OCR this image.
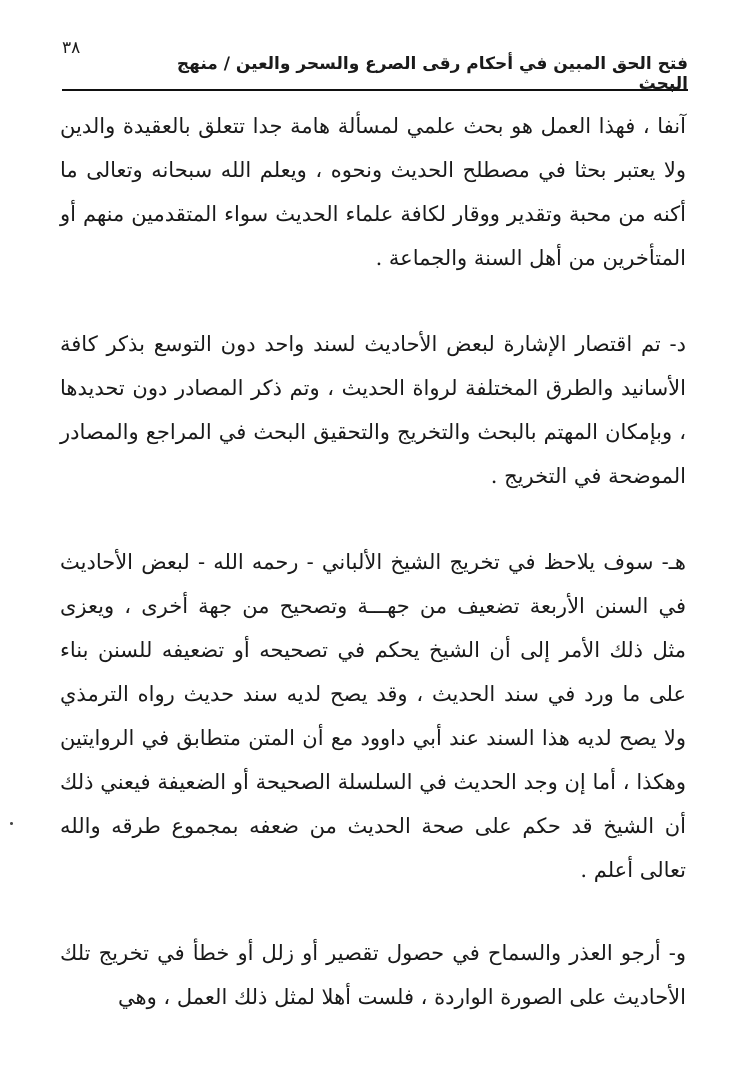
٣٨
فتح الحق المبين في أحكام رقى الصرع والسحر والعين / منهج البحث

آنفا ، فهذا العمل هو بحث علمي لمسألة هامة جدا تتعلق بالعقيدة والدين ولا يعتبر بحثا في مصطلح الحديث ونحوه ، ويعلم الله سبحانه وتعالى ما أكنه من محبة وتقدير ووقار لكافة علماء الحديث سواء المتقدمين منهم أو المتأخرين من أهل السنة والجماعة .

د- تم اقتصار الإشارة لبعض الأحاديث لسند واحد دون التوسع بذكر كافة الأسانيد والطرق المختلفة لرواة الحديث ، وتم ذكر المصادر دون تحديدها ، وبإمكان المهتم بالبحث والتخريج والتحقيق البحث في المراجع والمصادر الموضحة في التخريج .

هـ- سوف يلاحظ في تخريج الشيخ الألباني - رحمه الله - لبعض الأحاديث في السنن الأربعة تضعيف من جهـــة وتصحيح من جهة أخرى ، ويعزى مثل ذلك الأمر إلى أن الشيخ يحكم في تصحيحه أو تضعيفه للسنن بناء على ما ورد في سند الحديث ، وقد يصح لديه سند حديث رواه الترمذي ولا يصح لديه هذا السند عند أبي داوود مع أن المتن متطابق في الروايتين وهكذا ، أما إن وجد الحديث في السلسلة الصحيحة أو الضعيفة فيعني ذلك أن الشيخ قد حكم على صحة الحديث من ضعفه بمجموع طرقه والله تعالى أعلم .

و- أرجو العذر والسماح في حصول تقصير أو زلل أو خطأ في تخريج تلك الأحاديث على الصورة الواردة ، فلست أهلا لمثل ذلك العمل ، وهي
